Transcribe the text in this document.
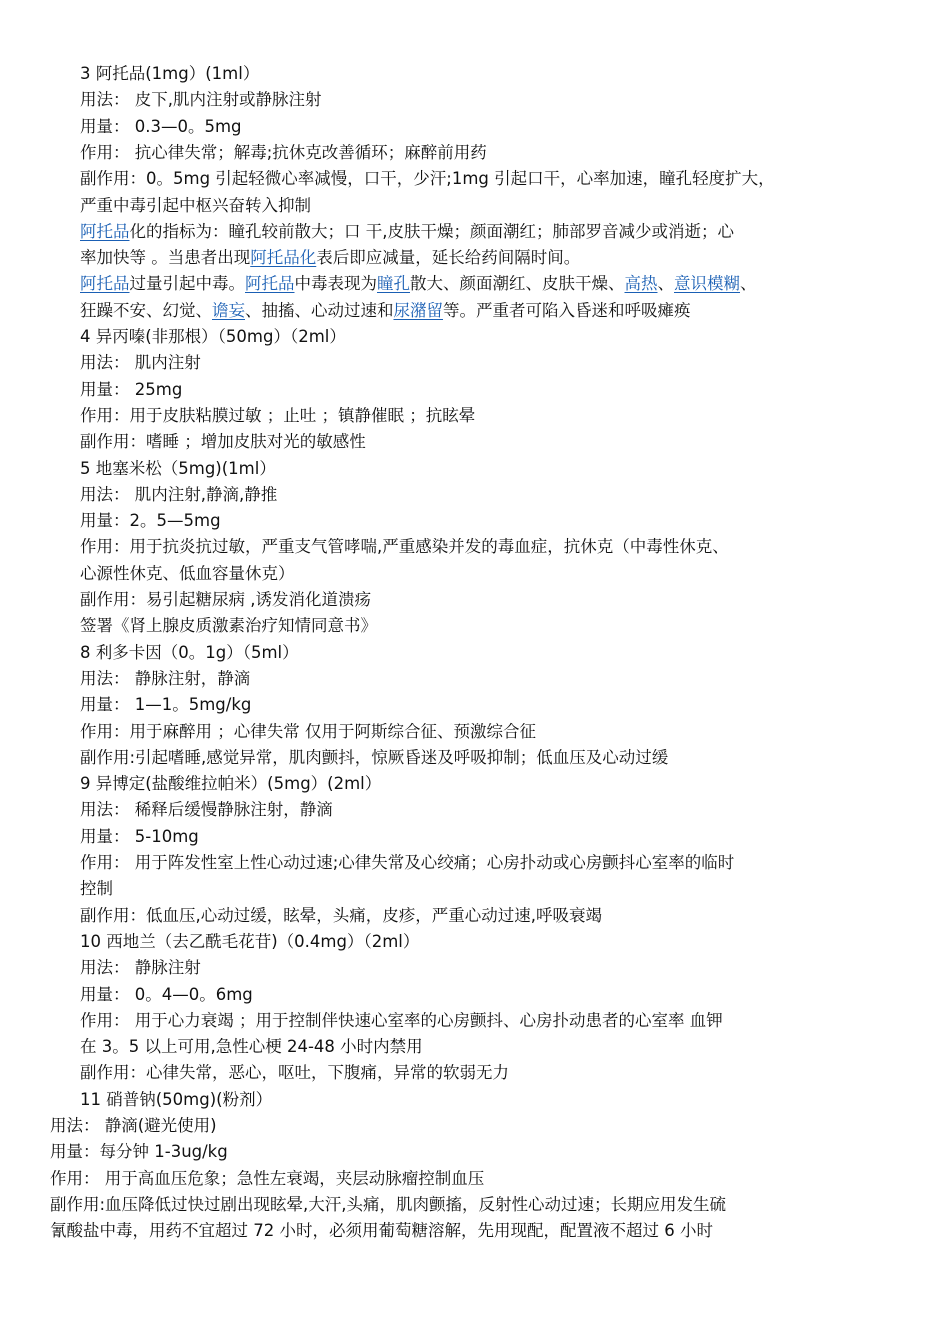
3 阿托品(1mg）(1ml）
用法： 皮下,肌内注射或静脉注射
用量： 0.3—0。5mg
作用： 抗心律失常；解毒;抗休克改善循环；麻醉前用药
副作用：0。5mg 引起轻微心率减慢，口干，少汗;1mg 引起口干，心率加速，瞳孔轻度扩大，
严重中毒引起中枢兴奋转入抑制
阿托品化的指标为：瞳孔较前散大；口 干,皮肤干燥；颜面潮红；肺部罗音减少或消逝；心
率加快等 。当患者出现阿托品化表后即应减量，延长给药间隔时间。
阿托品过量引起中毒。阿托品中毒表现为瞳孔散大、颜面潮红、皮肤干燥、高热、意识模糊、
狂躁不安、幻觉、谵妄、抽搐、心动过速和尿潴留等。严重者可陷入昏迷和呼吸瘫痪
4 异丙嗪(非那根）（50mg）（2ml）
用法： 肌内注射
用量： 25mg
作用：用于皮肤粘膜过敏 ；止吐 ；镇静催眠 ；抗眩晕
副作用：嗜睡 ；增加皮肤对光的敏感性
5 地塞米松（5mg)(1ml）
用法： 肌内注射,静滴,静推
用量：2。5—5mg
作用：用于抗炎抗过敏，严重支气管哮喘,严重感染并发的毒血症，抗休克（中毒性休克、
心源性休克、低血容量休克）
副作用：易引起糖尿病 ,诱发消化道溃疡
签署《肾上腺皮质激素治疗知情同意书》
8 利多卡因（0。1g）（5ml）
用法： 静脉注射，静滴
用量： 1—1。5mg/kg
作用：用于麻醉用 ；心律失常 仅用于阿斯综合征、预激综合征
副作用:引起嗜睡,感觉异常，肌肉颤抖，惊厥昏迷及呼吸抑制；低血压及心动过缓
9 异博定(盐酸维拉帕米）(5mg）(2ml）
用法： 稀释后缓慢静脉注射，静滴
用量： 5-10mg
作用： 用于阵发性室上性心动过速;心律失常及心绞痛；心房扑动或心房颤抖心室率的临时
控制
副作用：低血压,心动过缓，眩晕，头痛，皮疹，严重心动过速,呼吸衰竭
10 西地兰（去乙酰毛花苷)（0.4mg）（2ml）
用法： 静脉注射
用量： 0。4—0。6mg
作用： 用于心力衰竭 ；用于控制伴快速心室率的心房颤抖、心房扑动患者的心室率 血钾
在 3。5 以上可用,急性心梗 24-48 小时内禁用
副作用：心律失常，恶心，呕吐，下腹痛，异常的软弱无力
11 硝普钠(50mg)(粉剂）
用法： 静滴(避光使用)
用量：每分钟 1-3ug/kg
作用： 用于高血压危象；急性左衰竭，夹层动脉瘤控制血压
副作用:血压降低过快过剧出现眩晕,大汗,头痛，肌肉颤搐，反射性心动过速；长期应用发生硫
氰酸盐中毒，用药不宜超过 72 小时，必须用葡萄糖溶解，先用现配，配置液不超过 6 小时
